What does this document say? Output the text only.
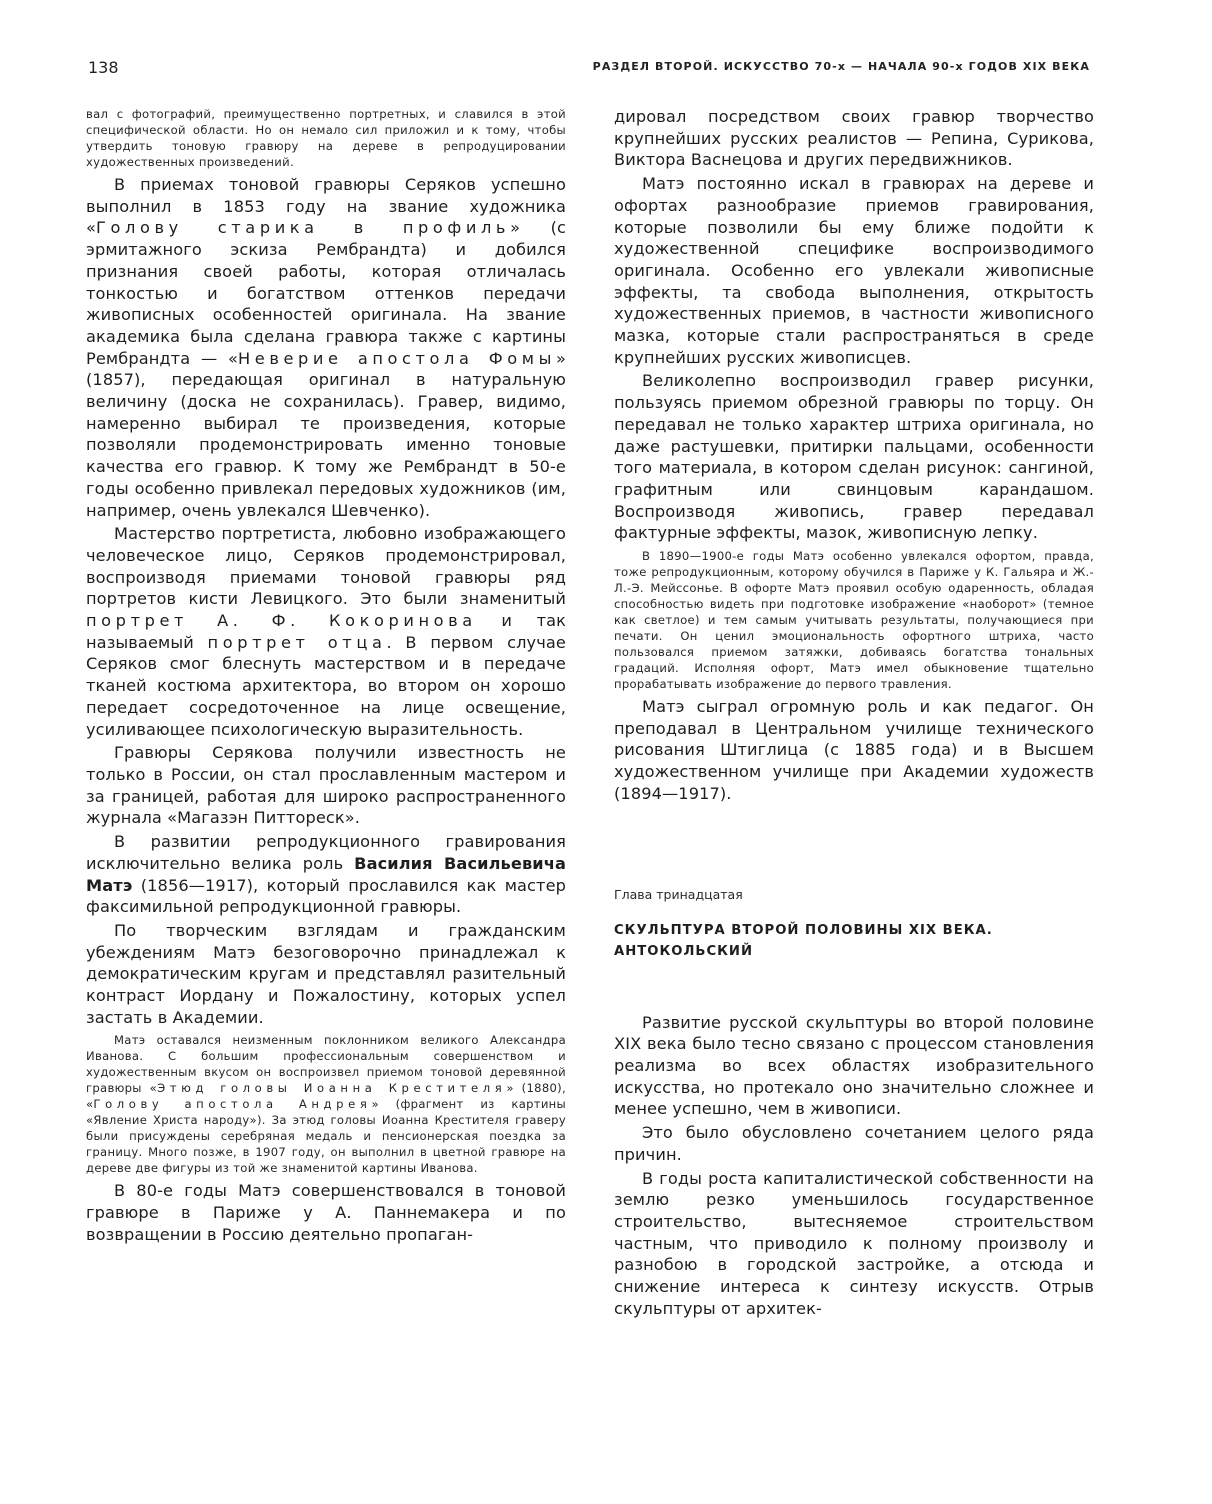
138	РАЗДЕЛ ВТОРОЙ. ИСКУССТВО 70-х — НАЧАЛА 90-х ГОДОВ XIX ВЕКА

вал с фотографий, преимущественно портретных, и славился в этой специфической области. Но он немало сил приложил и к тому, чтобы утвердить тоновую гравюру на дереве в репродуцировании художественных произведений.

В приемах тоновой гравюры Серяков успешно выполнил в 1853 году на звание художника «Голову старика в профиль» (с эрмитажного эскиза Рембрандта) и добился признания своей работы, которая отличалась тонкостью и богатством оттенков передачи живописных особенностей оригинала. На звание академика была сделана гравюра также с картины Рембрандта — «Неверие апостола Фомы» (1857), передающая оригинал в натуральную величину (доска не сохранилась). Гравер, видимо, намеренно выбирал те произведения, которые позволяли продемонстрировать именно тоновые качества его гравюр. К тому же Рембрандт в 50-е годы особенно привлекал передовых художников (им, например, очень увлекался Шевченко).

Мастерство портретиста, любовно изображающего человеческое лицо, Серяков продемонстрировал, воспроизводя приемами тоновой гравюры ряд портретов кисти Левицкого. Это были знаменитый портрет А. Ф. Кокоринова и так называемый портрет отца. В первом случае Серяков смог блеснуть мастерством и в передаче тканей костюма архитектора, во втором он хорошо передает сосредоточенное на лице освещение, усиливающее психологическую выразительность.

Гравюры Серякова получили известность не только в России, он стал прославленным мастером и за границей, работая для широко распространенного журнала «Магазэн Питтореск».

В развитии репродукционного гравирования исключительно велика роль Василия Васильевича Матэ (1856—1917), который прославился как мастер факсимильной репродукционной гравюры.

По творческим взглядам и гражданским убеждениям Матэ безоговорочно принадлежал к демократическим кругам и представлял разительный контраст Иордану и Пожалостину, которых успел застать в Академии.

Матэ оставался неизменным поклонником великого Александра Иванова. С большим профессиональным совершенством и художественным вкусом он воспроизвел приемом тоновой деревянной гравюры «Этюд головы Иоанна Крестителя» (1880), «Голову апостола Андрея» (фрагмент из картины «Явление Христа народу»). За этюд головы Иоанна Крестителя граверу были присуждены серебряная медаль и пенсионерская поездка за границу. Много позже, в 1907 году, он выполнил в цветной гравюре на дереве две фигуры из той же знаменитой картины Иванова.

В 80-е годы Матэ совершенствовался в тоновой гравюре в Париже у А. Паннемакера и по возвращении в Россию деятельно пропаган-

дировал посредством своих гравюр творчество крупнейших русских реалистов — Репина, Сурикова, Виктора Васнецова и других передвижников.

Матэ постоянно искал в гравюрах на дереве и офортах разнообразие приемов гравирования, которые позволили бы ему ближе подойти к художественной специфике воспроизводимого оригинала. Особенно его увлекали живописные эффекты, та свобода выполнения, открытость художественных приемов, в частности живописного мазка, которые стали распространяться в среде крупнейших русских живописцев.

Великолепно воспроизводил гравер рисунки, пользуясь приемом обрезной гравюры по торцу. Он передавал не только характер штриха оригинала, но даже растушевки, притирки пальцами, особенности того материала, в котором сделан рисунок: сангиной, графитным или свинцовым карандашом. Воспроизводя живопись, гравер передавал фактурные эффекты, мазок, живописную лепку.

В 1890—1900-е годы Матэ особенно увлекался офортом, правда, тоже репродукционным, которому обучился в Париже у К. Гальяра и Ж.-Л.-Э. Мейссонье. В офорте Матэ проявил особую одаренность, обладая способностью видеть при подготовке изображение «наоборот» (темное как светлое) и тем самым учитывать результаты, получающиеся при печати. Он ценил эмоциональность офортного штриха, часто пользовался приемом затяжки, добиваясь богатства тональных градаций. Исполняя офорт, Матэ имел обыкновение тщательно прорабатывать изображение до первого травления.

Матэ сыграл огромную роль и как педагог. Он преподавал в Центральном училище технического рисования Штиглица (с 1885 года) и в Высшем художественном училище при Академии художеств (1894—1917).

Глава тринадцатая
СКУЛЬПТУРА ВТОРОЙ ПОЛОВИНЫ XIX ВЕКА.
АНТОКОЛЬСКИЙ

Развитие русской скульптуры во второй половине XIX века было тесно связано с процессом становления реализма во всех областях изобразительного искусства, но протекало оно значительно сложнее и менее успешно, чем в живописи.

Это было обусловлено сочетанием целого ряда причин.

В годы роста капиталистической собственности на землю резко уменьшилось государственное строительство, вытесняемое строительством частным, что приводило к полному произволу и разнобою в городской застройке, а отсюда и снижение интереса к синтезу искусств. Отрыв скульптуры от архитек-
